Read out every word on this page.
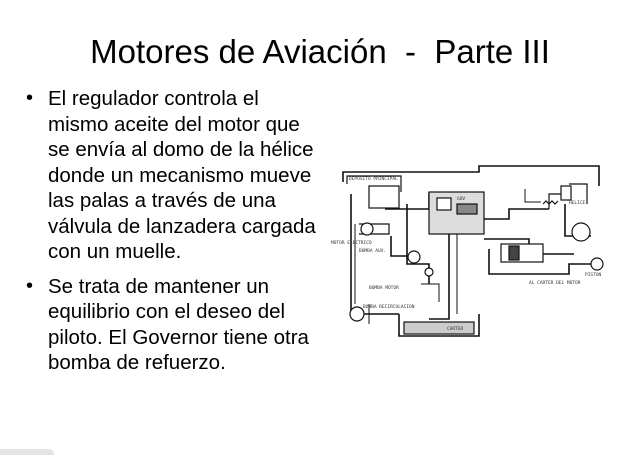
Motores de Aviación  -  Parte III
• El regulador controla el mismo aceite del motor que se envía al domo de la hélice donde un mecanismo mueve las palas a través de una válvula de lanzadera cargada con un muelle.
• Se trata de mantener un equilibrio con el deseo del piloto. El Governor tiene otra bomba de refuerzo.
DEPOSITO PRINCIPAL
MOTOR ELECTRICO
BOMBA AUX.
GOV
AL CARTER DEL MOTOR
BOMBA MOTOR
BOMBA RECIRCULACION
CARTER
HELICE
PISTON
